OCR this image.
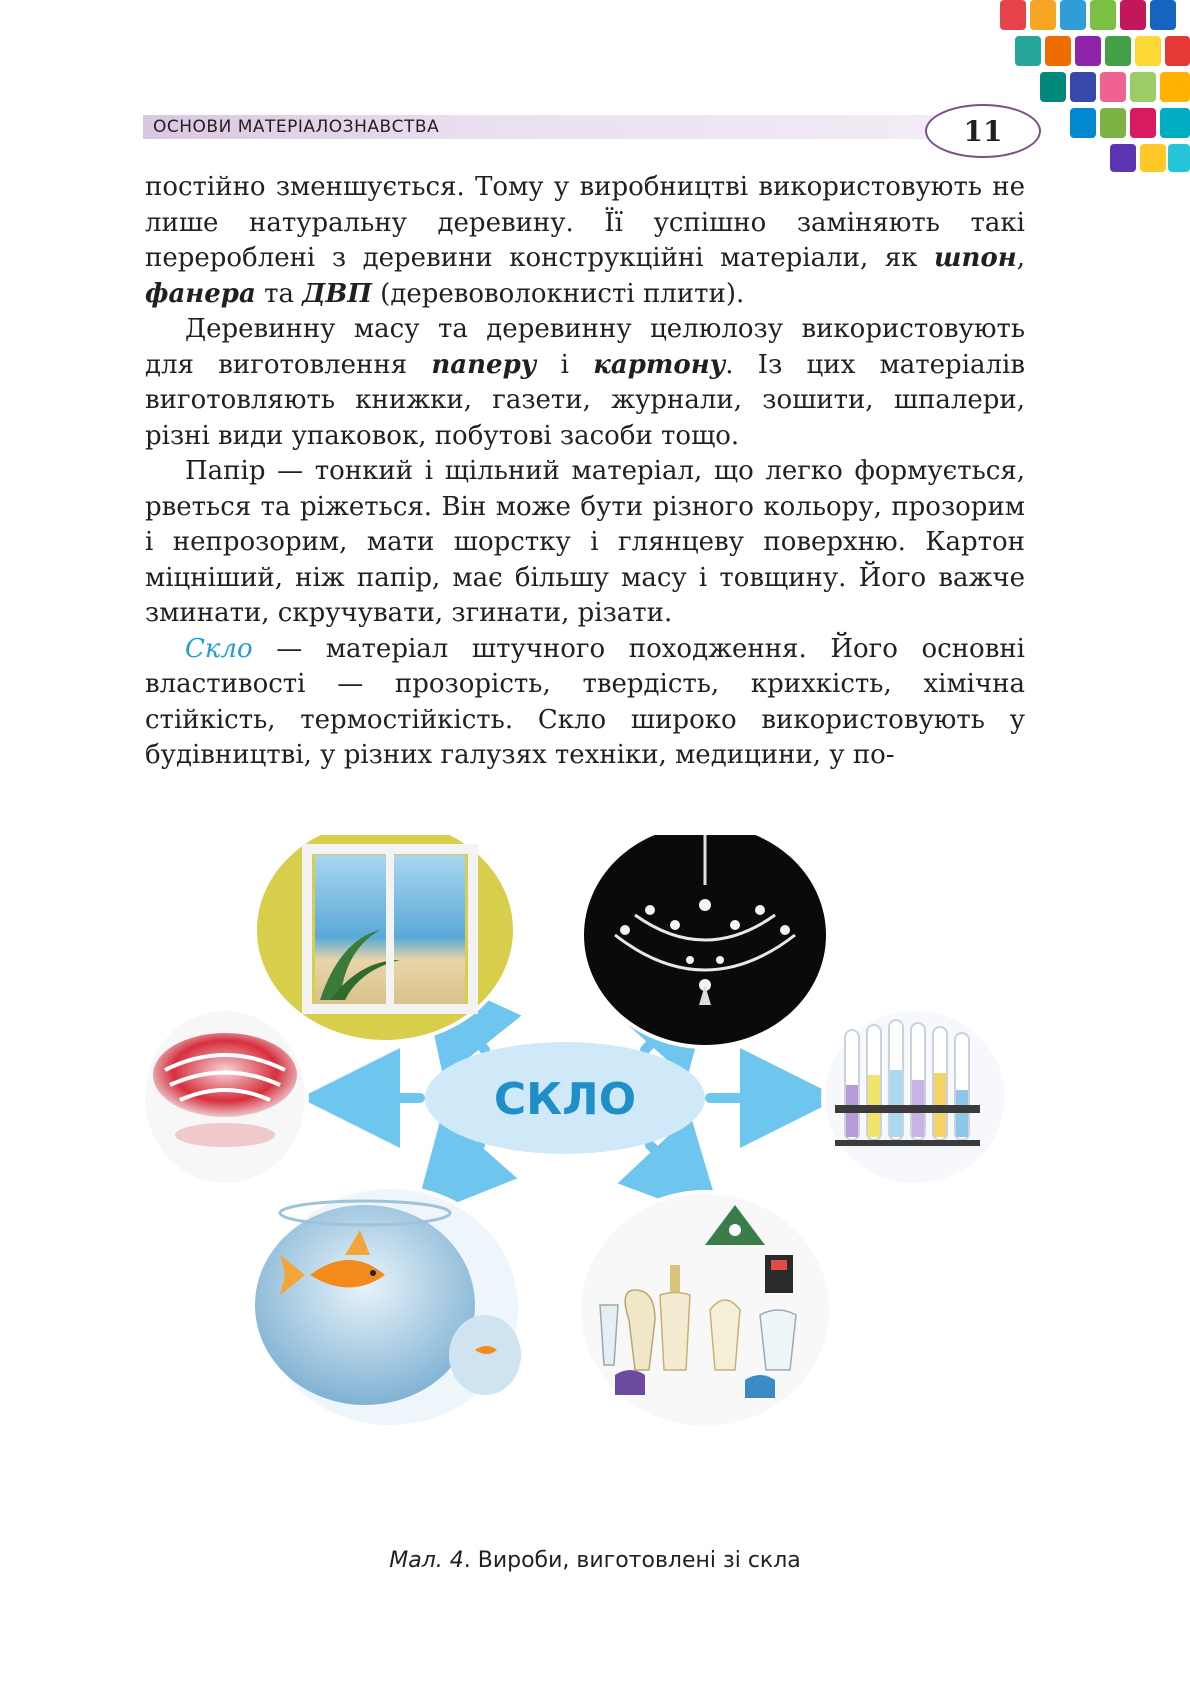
ОСНОВИ МАТЕРІАЛОЗНАВСТВА	11

постійно зменшується. Тому у виробництві використовують не лише натуральну деревину. Її успішно заміняють такі перероблені з деревини конструкційні матеріали, як шпон, фанера та ДВП (деревоволокнисті плити).

Деревинну масу та деревинну целюлозу використовують для виготовлення паперу і картону. Із цих матеріалів виготовляють книжки, газети, журнали, зошити, шпалери, різні види упаковок, побутові засоби тощо.

Папір — тонкий і щільний матеріал, що легко формується, рветься та ріжеться. Він може бути різного кольору, прозорим і непрозорим, мати шорстку і глянцеву поверхню. Картон міцніший, ніж папір, має більшу масу і товщину. Його важче зминати, скручувати, згинати, різати.

Скло — матеріал штучного походження. Його основні властивості — прозорість, твердість, крихкість, хімічна стійкість, термостійкість. Скло широко використовують у будівництві, у різних галузях техніки, медицини, у по-

СКЛО
Мал. 4. Вироби, виготовлені зі скла
